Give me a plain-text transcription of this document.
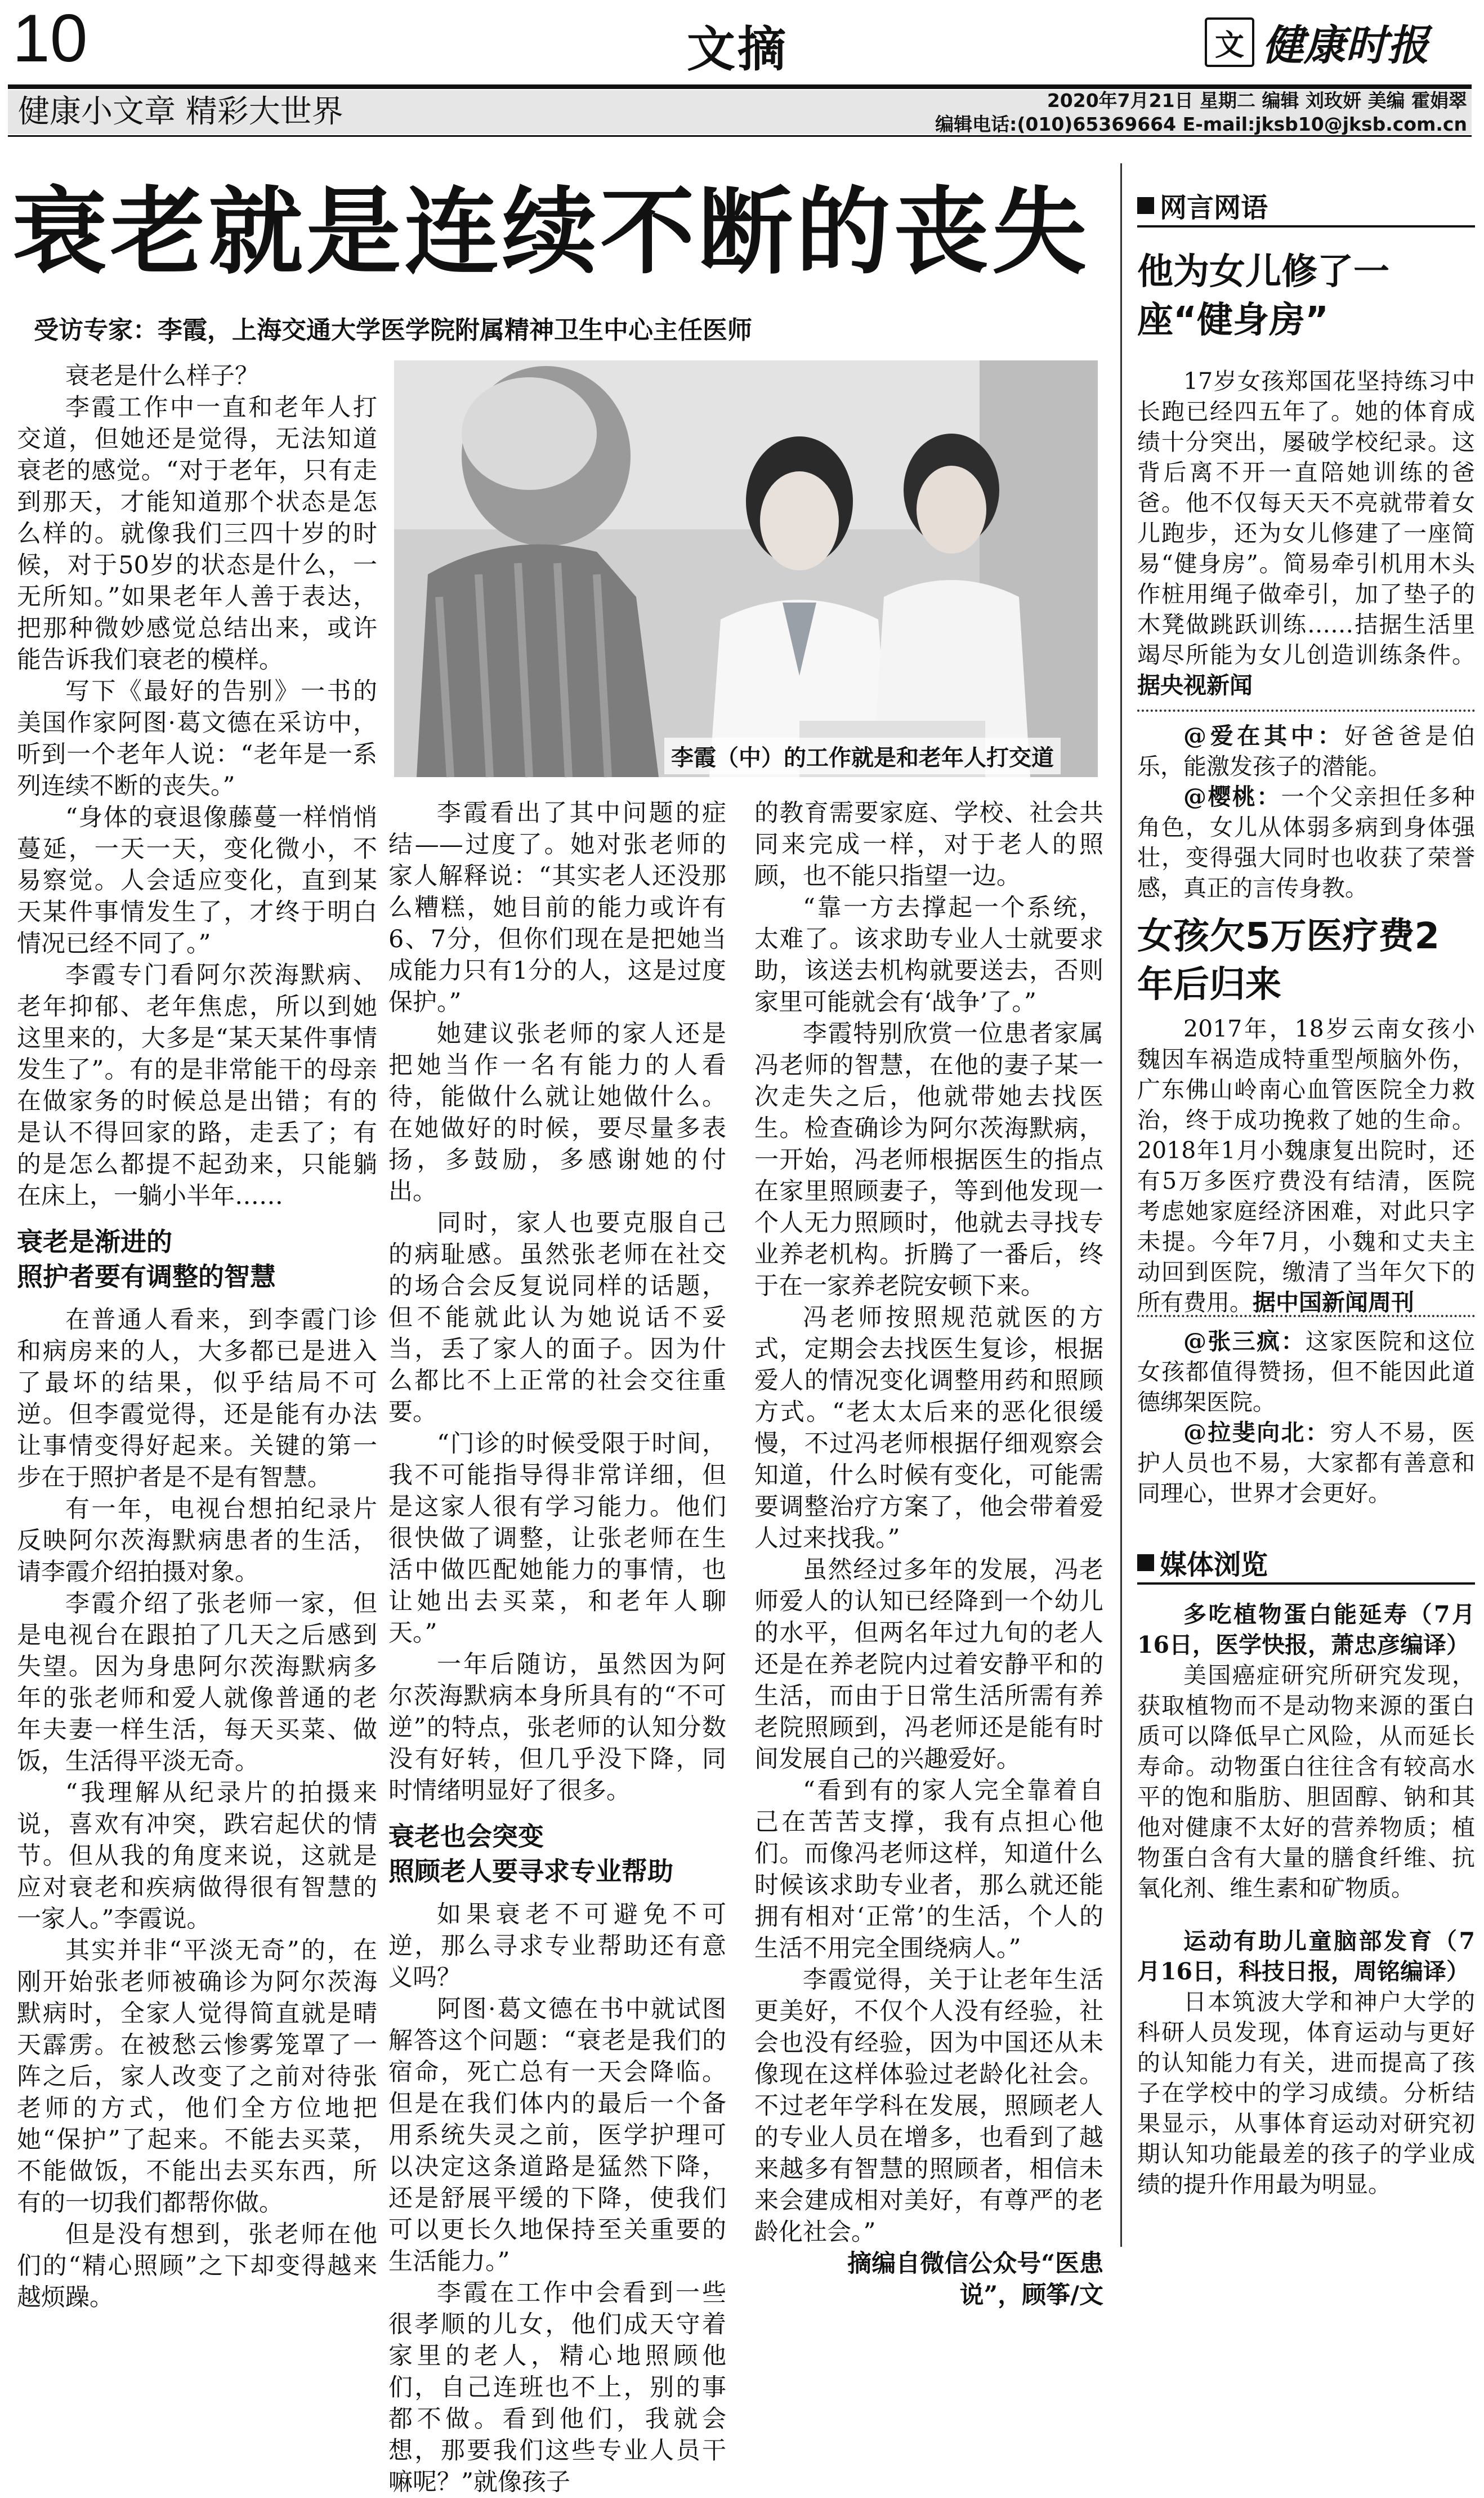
10	文摘	文 健康时报
健康小文章 精彩大世界	2020年7月21日 星期二 编辑 刘玫妍 美编 霍娟翠
编辑电话:(010)65369664 E-mail:jksb10@jksb.com.cn
衰老就是连续不断的丧失
受访专家：李霞，上海交通大学医学院附属精神卫生中心主任医师
李霞（中）的工作就是和老年人打交道

衰老是什么样子？

李霞工作中一直和老年人打交道，但她还是觉得，无法知道衰老的感觉。“对于老年，只有走到那天，才能知道那个状态是怎么样的。就像我们三四十岁的时候，对于50岁的状态是什么，一无所知。”如果老年人善于表达，把那种微妙感觉总结出来，或许能告诉我们衰老的模样。

写下《最好的告别》一书的美国作家阿图·葛文德在采访中，听到一个老年人说：“老年是一系列连续不断的丧失。”

“身体的衰退像藤蔓一样悄悄蔓延，一天一天，变化微小，不易察觉。人会适应变化，直到某天某件事情发生了，才终于明白情况已经不同了。”

李霞专门看阿尔茨海默病、老年抑郁、老年焦虑，所以到她这里来的，大多是“某天某件事情发生了”。有的是非常能干的母亲在做家务的时候总是出错；有的是认不得回家的路，走丢了；有的是怎么都提不起劲来，只能躺在床上，一躺小半年……

衰老是渐进的
照护者要有调整的智慧

在普通人看来，到李霞门诊和病房来的人，大多都已是进入了最坏的结果，似乎结局不可逆。但李霞觉得，还是能有办法让事情变得好起来。关键的第一步在于照护者是不是有智慧。

有一年，电视台想拍纪录片反映阿尔茨海默病患者的生活，请李霞介绍拍摄对象。

李霞介绍了张老师一家，但是电视台在跟拍了几天之后感到失望。因为身患阿尔茨海默病多年的张老师和爱人就像普通的老年夫妻一样生活，每天买菜、做饭，生活得平淡无奇。

“我理解从纪录片的拍摄来说，喜欢有冲突，跌宕起伏的情节。但从我的角度来说，这就是应对衰老和疾病做得很有智慧的一家人。”李霞说。

其实并非“平淡无奇”的，在刚开始张老师被确诊为阿尔茨海默病时，全家人觉得简直就是晴天霹雳。在被愁云惨雾笼罩了一阵之后，家人改变了之前对待张老师的方式，他们全方位地把她“保护”了起来。不能去买菜，不能做饭，不能出去买东西，所有的一切我们都帮你做。

但是没有想到，张老师在他们的“精心照顾”之下却变得越来越烦躁。

李霞看出了其中问题的症结——过度了。她对张老师的家人解释说：“其实老人还没那么糟糕，她目前的能力或许有6、7分，但你们现在是把她当成能力只有1分的人，这是过度保护。”

她建议张老师的家人还是把她当作一名有能力的人看待，能做什么就让她做什么。在她做好的时候，要尽量多表扬，多鼓励，多感谢她的付出。

同时，家人也要克服自己的病耻感。虽然张老师在社交的场合会反复说同样的话题，但不能就此认为她说话不妥当，丢了家人的面子。因为什么都比不上正常的社会交往重要。

“门诊的时候受限于时间，我不可能指导得非常详细，但是这家人很有学习能力。他们很快做了调整，让张老师在生活中做匹配她能力的事情，也让她出去买菜，和老年人聊天。”

一年后随访，虽然因为阿尔茨海默病本身所具有的“不可逆”的特点，张老师的认知分数没有好转，但几乎没下降，同时情绪明显好了很多。

衰老也会突变
照顾老人要寻求专业帮助

如果衰老不可避免不可逆，那么寻求专业帮助还有意义吗？

阿图·葛文德在书中就试图解答这个问题：“衰老是我们的宿命，死亡总有一天会降临。但是在我们体内的最后一个备用系统失灵之前，医学护理可以决定这条道路是猛然下降，还是舒展平缓的下降，使我们可以更长久地保持至关重要的生活能力。”

李霞在工作中会看到一些很孝顺的儿女，他们成天守着家里的老人，精心地照顾他们，自己连班也不上，别的事都不做。看到他们，我就会想，那要我们这些专业人员干嘛呢？”就像孩子

的教育需要家庭、学校、社会共同来完成一样，对于老人的照顾，也不能只指望一边。

“靠一方去撑起一个系统，太难了。该求助专业人士就要求助，该送去机构就要送去，否则家里可能就会有‘战争’了。”

李霞特别欣赏一位患者家属冯老师的智慧，在他的妻子某一次走失之后，他就带她去找医生。检查确诊为阿尔茨海默病，一开始，冯老师根据医生的指点在家里照顾妻子，等到他发现一个人无力照顾时，他就去寻找专业养老机构。折腾了一番后，终于在一家养老院安顿下来。

冯老师按照规范就医的方式，定期会去找医生复诊，根据爱人的情况变化调整用药和照顾方式。“老太太后来的恶化很缓慢，不过冯老师根据仔细观察会知道，什么时候有变化，可能需要调整治疗方案了，他会带着爱人过来找我。”

虽然经过多年的发展，冯老师爱人的认知已经降到一个幼儿的水平，但两名年过九旬的老人还是在养老院内过着安静平和的生活，而由于日常生活所需有养老院照顾到，冯老师还是能有时间发展自己的兴趣爱好。

“看到有的家人完全靠着自己在苦苦支撑，我有点担心他们。而像冯老师这样，知道什么时候该求助专业者，那么就还能拥有相对‘正常’的生活，个人的生活不用完全围绕病人。”

李霞觉得，关于让老年生活更美好，不仅个人没有经验，社会也没有经验，因为中国还从未像现在这样体验过老龄化社会。不过老年学科在发展，照顾老人的专业人员在增多，也看到了越来越多有智慧的照顾者，相信未来会建成相对美好，有尊严的老龄化社会。”

摘编自微信公众号“医患说”，顾筝/文

网言网语
他为女儿修了一座“健身房”

17岁女孩郑国花坚持练习中长跑已经四五年了。她的体育成绩十分突出，屡破学校纪录。这背后离不开一直陪她训练的爸爸。他不仅每天天不亮就带着女儿跑步，还为女儿修建了一座简易“健身房”。简易牵引机用木头作桩用绳子做牵引，加了垫子的木凳做跳跃训练……拮据生活里竭尽所能为女儿创造训练条件。据央视新闻

@爱在其中：好爸爸是伯乐，能激发孩子的潜能。

@樱桃：一个父亲担任多种角色，女儿从体弱多病到身体强壮，变得强大同时也收获了荣誉感，真正的言传身教。

女孩欠5万医疗费2年后归来

2017年，18岁云南女孩小魏因车祸造成特重型颅脑外伤，广东佛山岭南心血管医院全力救治，终于成功挽救了她的生命。2018年1月小魏康复出院时，还有5万多医疗费没有结清，医院考虑她家庭经济困难，对此只字未提。今年7月，小魏和丈夫主动回到医院，缴清了当年欠下的所有费用。据中国新闻周刊

@张三疯：这家医院和这位女孩都值得赞扬，但不能因此道德绑架医院。

@拉斐向北：穷人不易，医护人员也不易，大家都有善意和同理心，世界才会更好。

媒体浏览

多吃植物蛋白能延寿（7月16日，医学快报，萧忠彦编译）

美国癌症研究所研究发现，获取植物而不是动物来源的蛋白质可以降低早亡风险，从而延长寿命。动物蛋白往往含有较高水平的饱和脂肪、胆固醇、钠和其他对健康不太好的营养物质；植物蛋白含有大量的膳食纤维、抗氧化剂、维生素和矿物质。

运动有助儿童脑部发育（7月16日，科技日报，周铭编译）

日本筑波大学和神户大学的科研人员发现，体育运动与更好的认知能力有关，进而提高了孩子在学校中的学习成绩。分析结果显示，从事体育运动对研究初期认知功能最差的孩子的学业成绩的提升作用最为明显。
